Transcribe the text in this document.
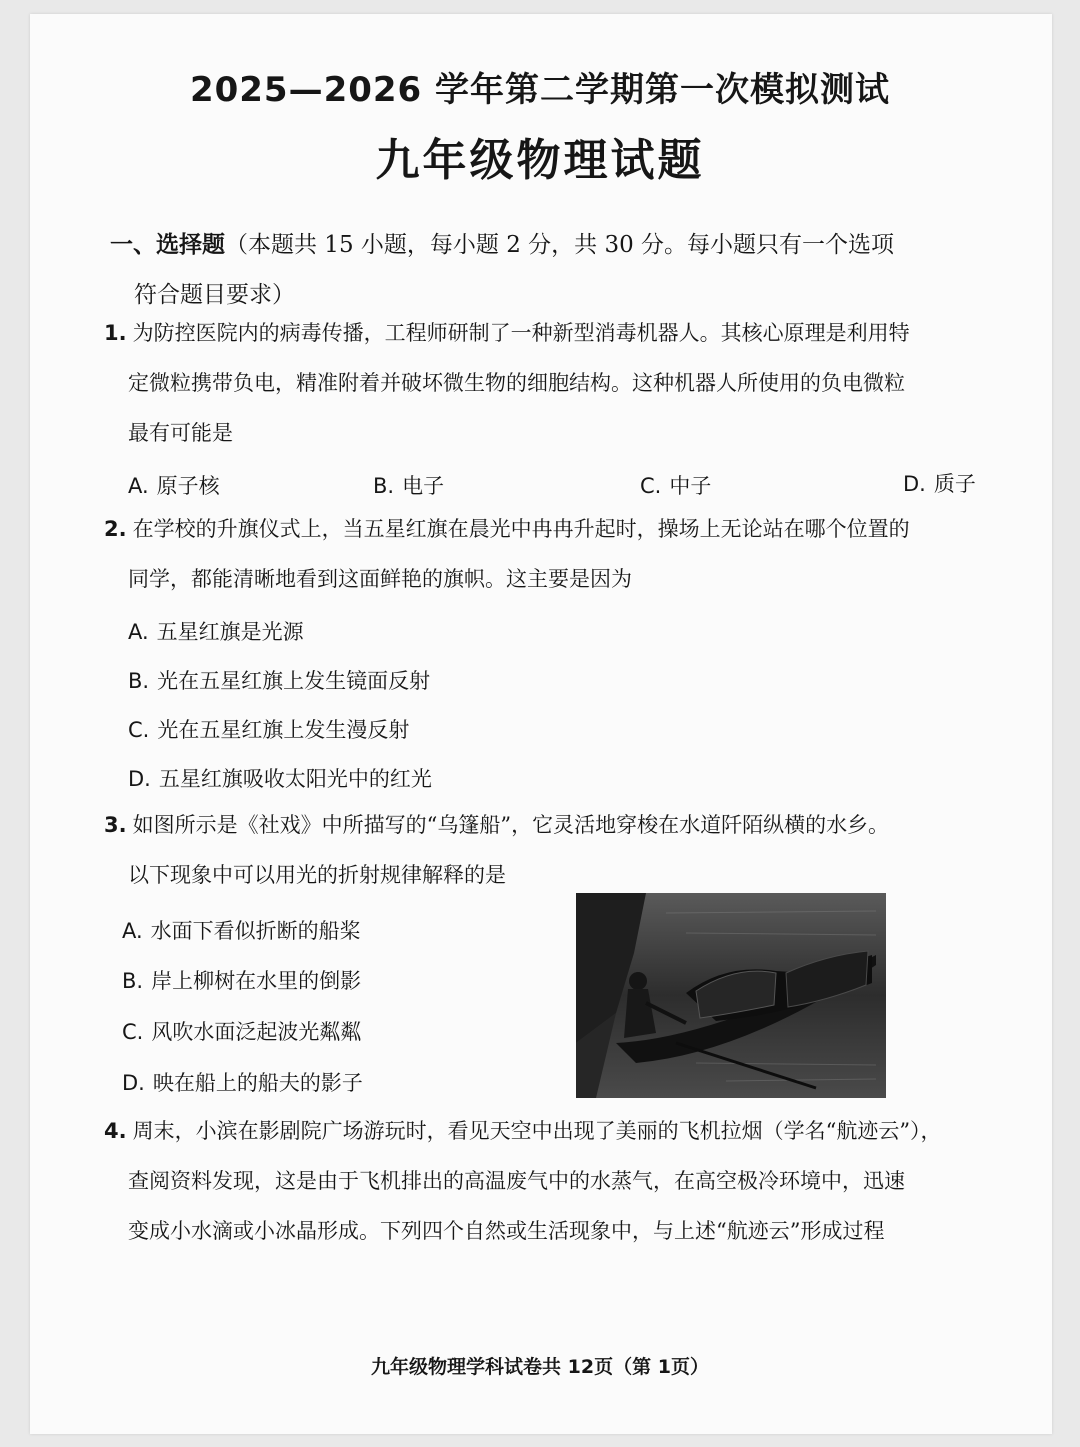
2025—2026 学年第二学期第一次模拟测试
九年级物理试题
一、选择题（本题共 15 小题，每小题 2 分，共 30 分。每小题只有一个选项
符合题目要求）
1. 为防控医院内的病毒传播，工程师研制了一种新型消毒机器人。其核心原理是利用特
定微粒携带负电，精准附着并破坏微生物的细胞结构。这种机器人所使用的负电微粒
最有可能是
A. 原子核	B. 电子	C. 中子	D. 质子
2. 在学校的升旗仪式上，当五星红旗在晨光中冉冉升起时，操场上无论站在哪个位置的
同学，都能清晰地看到这面鲜艳的旗帜。这主要是因为
A. 五星红旗是光源
B. 光在五星红旗上发生镜面反射
C. 光在五星红旗上发生漫反射
D. 五星红旗吸收太阳光中的红光
3. 如图所示是《社戏》中所描写的“乌篷船”，它灵活地穿梭在水道阡陌纵横的水乡。
以下现象中可以用光的折射规律解释的是
A. 水面下看似折断的船桨
B. 岸上柳树在水里的倒影
C. 风吹水面泛起波光粼粼
D. 映在船上的船夫的影子
4. 周末，小滨在影剧院广场游玩时，看见天空中出现了美丽的飞机拉烟（学名“航迹云”），
查阅资料发现，这是由于飞机排出的高温废气中的水蒸气，在高空极冷环境中，迅速
变成小水滴或小冰晶形成。下列四个自然或生活现象中，与上述“航迹云”形成过程
九年级物理学科试卷共 12页（第 1页）
